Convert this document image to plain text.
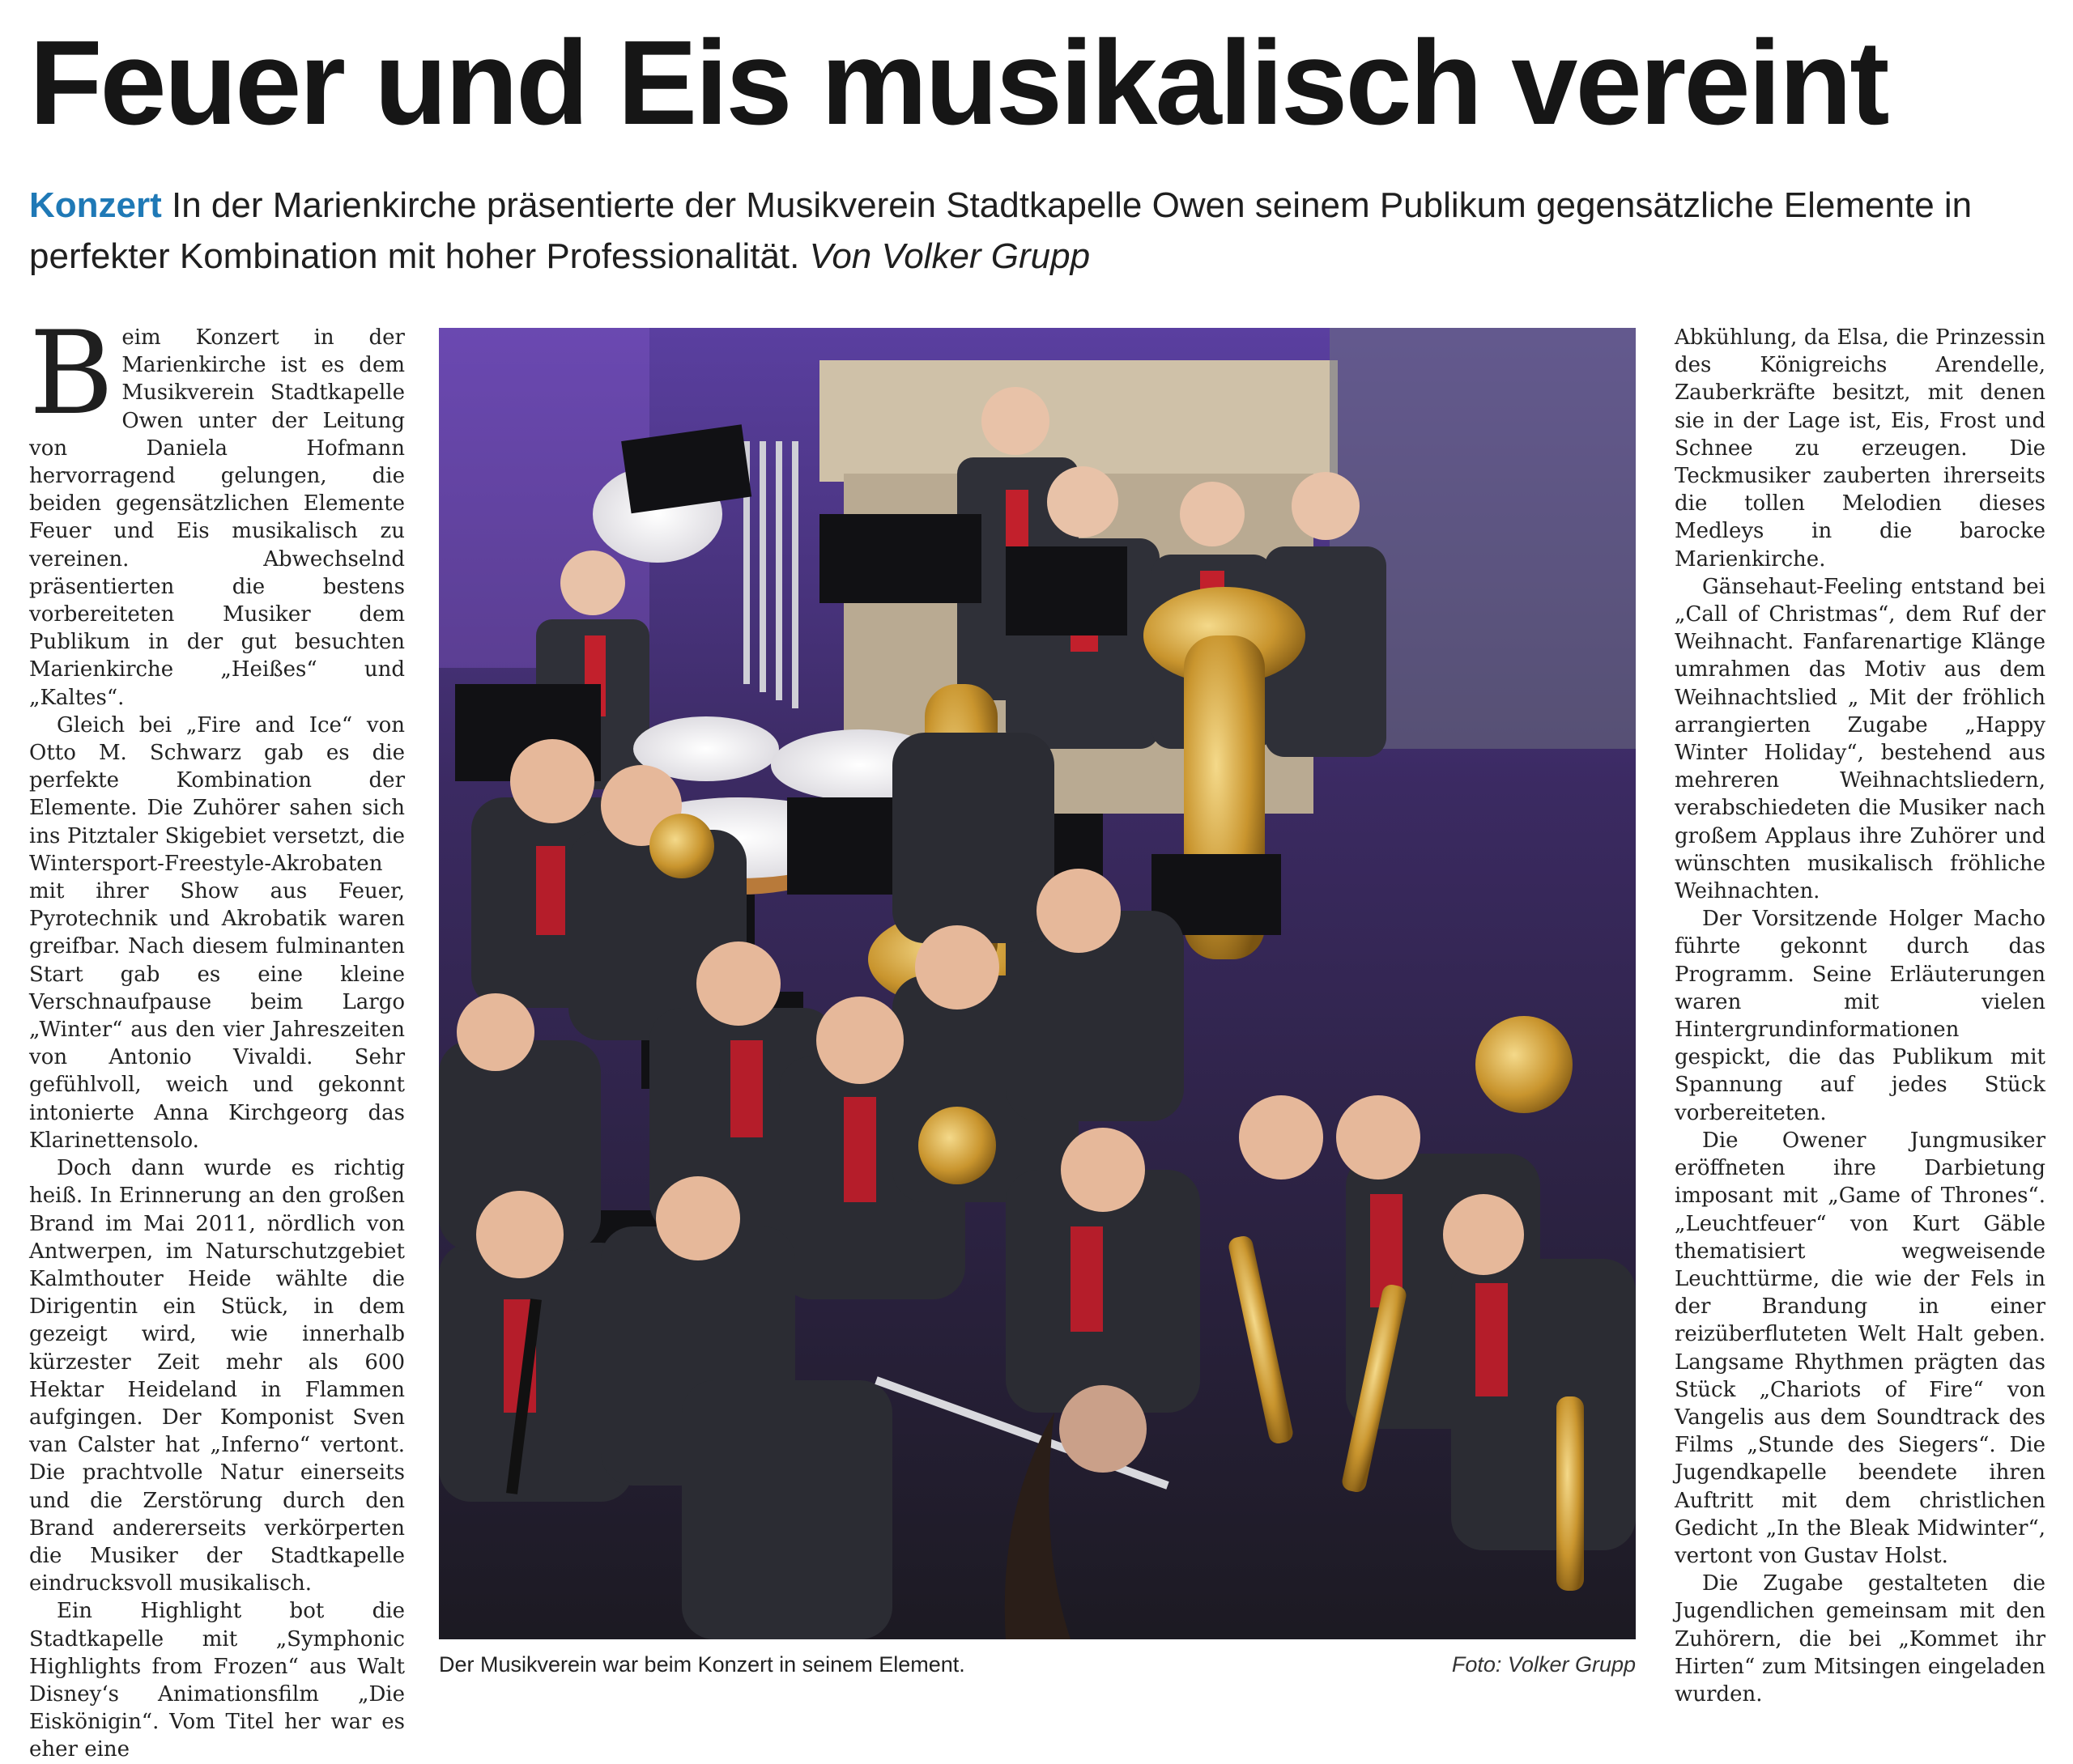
Feuer und Eis musikalisch vereint
Konzert In der Marienkirche präsentierte der Musikverein Stadtkapelle Owen seinem Publikum gegensätzliche Elemente in perfekter Kombination mit hoher Professionalität. Von Volker Grupp

Beim Konzert in der Marienkirche ist es dem Musikverein Stadtkapelle Owen unter der Leitung von Daniela Hofmann hervorragend gelungen, die beiden gegensätzlichen Elemente Feuer und Eis musikalisch zu vereinen. Abwechselnd präsentierten die bestens vorbereiteten Musiker dem Publikum in der gut besuchten Marienkirche „Heißes“ und „Kaltes“.

Gleich bei „Fire and Ice“ von Otto M. Schwarz gab es die perfekte Kombination der Elemente. Die Zuhörer sahen sich ins Pitztaler Skigebiet versetzt, die Wintersport-Freestyle-Akrobaten mit ihrer Show aus Feuer, Pyrotechnik und Akrobatik waren greifbar. Nach diesem fulminanten Start gab es eine kleine Verschnaufpause beim Largo „Winter“ aus den vier Jahreszeiten von Antonio Vivaldi. Sehr gefühlvoll, weich und gekonnt intonierte Anna Kirchgeorg das Klarinettensolo.

Doch dann wurde es richtig heiß. In Erinnerung an den großen Brand im Mai 2011, nördlich von Antwerpen, im Naturschutzgebiet Kalmthouter Heide wählte die Dirigentin ein Stück, in dem gezeigt wird, wie innerhalb kürzester Zeit mehr als 600 Hektar Heideland in Flammen aufgingen. Der Komponist Sven van Calster hat „Inferno“ vertont. Die prachtvolle Natur einerseits und die Zerstörung durch den Brand andererseits verkörperten die Musiker der Stadtkapelle eindrucksvoll musikalisch.

Ein Highlight bot die Stadtkapelle mit „Symphonic Highlights from Frozen“ aus Walt Disney‘s Animationsfilm „Die Eiskönigin“. Vom Titel her war es eher eine

Der Musikverein war beim Konzert in seinem Element.	Foto: Volker Grupp

Abkühlung, da Elsa, die Prinzessin des Königreichs Arendelle, Zauberkräfte besitzt, mit denen sie in der Lage ist, Eis, Frost und Schnee zu erzeugen. Die Teckmusiker zauberten ihrerseits die tollen Melodien dieses Medleys in die barocke Marienkirche.

Gänsehaut-Feeling entstand bei „Call of Christmas“, dem Ruf der Weihnacht. Fanfarenartige Klänge umrahmen das Motiv aus dem Weihnachtslied „ Mit der fröhlich arrangierten Zugabe „Happy Winter Holiday“, bestehend aus mehreren Weihnachtsliedern, verabschiedeten die Musiker nach großem Applaus ihre Zuhörer und wünschten musikalisch fröhliche Weihnachten.

Der Vorsitzende Holger Macho führte gekonnt durch das Programm. Seine Erläuterungen waren mit vielen Hintergrundinformationen gespickt, die das Publikum mit Spannung auf jedes Stück vorbereiteten.

Die Owener Jungmusiker eröffneten ihre Darbietung imposant mit „Game of Thrones“. „Leuchtfeuer“ von Kurt Gäble thematisiert wegweisende Leuchttürme, die wie der Fels in der Brandung in einer reizüberfluteten Welt Halt geben. Langsame Rhythmen prägten das Stück „Chariots of Fire“ von Vangelis aus dem Soundtrack des Films „Stunde des Siegers“. Die Jugendkapelle beendete ihren Auftritt mit dem christlichen Gedicht „In the Bleak Midwinter“, vertont von Gustav Holst.

Die Zugabe gestalteten die Jugendlichen gemeinsam mit den Zuhörern, die bei „Kommet ihr Hirten“ zum Mitsingen eingeladen wurden.
